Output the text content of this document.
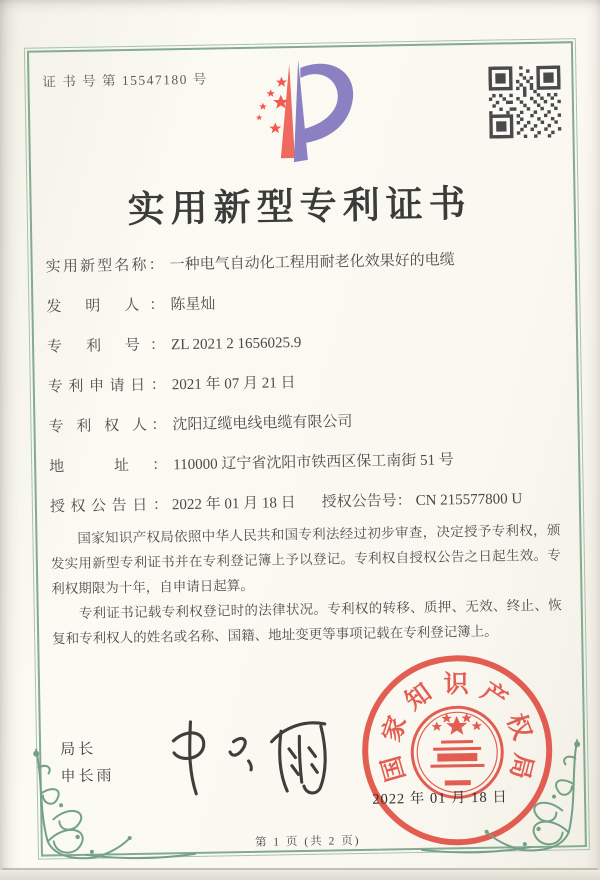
证 书 号 第 15547180 号
实用新型专利证书
实用新型名称： 一种电气自动化工程用耐老化效果好的电缆
发 明 人： 陈星灿
专 利 号： ZL 2021 2 1656025.9
专利申请日： 2021 年 07 月 21 日
专 利 权 人： 沈阳辽缆电线电缆有限公司
地 址： 110000 辽宁省沈阳市铁西区保工南街 51 号
授权公告日： 2022 年 01 月 18 日 授权公告号： CN 215577800 U

国家知识产权局依照中华人民共和国专利法经过初步审查，决定授予专利权，颁发实用新型专利证书并在专利登记簿上予以登记。专利权自授权公告之日起生效。专利权期限为十年，自申请日起算。

专利证书记载专利权登记时的法律状况。专利权的转移、质押、无效、终止、恢复和专利权人的姓名或名称、国籍、地址变更等事项记载在专利登记簿上。

局长
申长雨
2022 年 01 月 18 日
国
家
知 识 产
权
局
第 1 页 (共 2 页)
